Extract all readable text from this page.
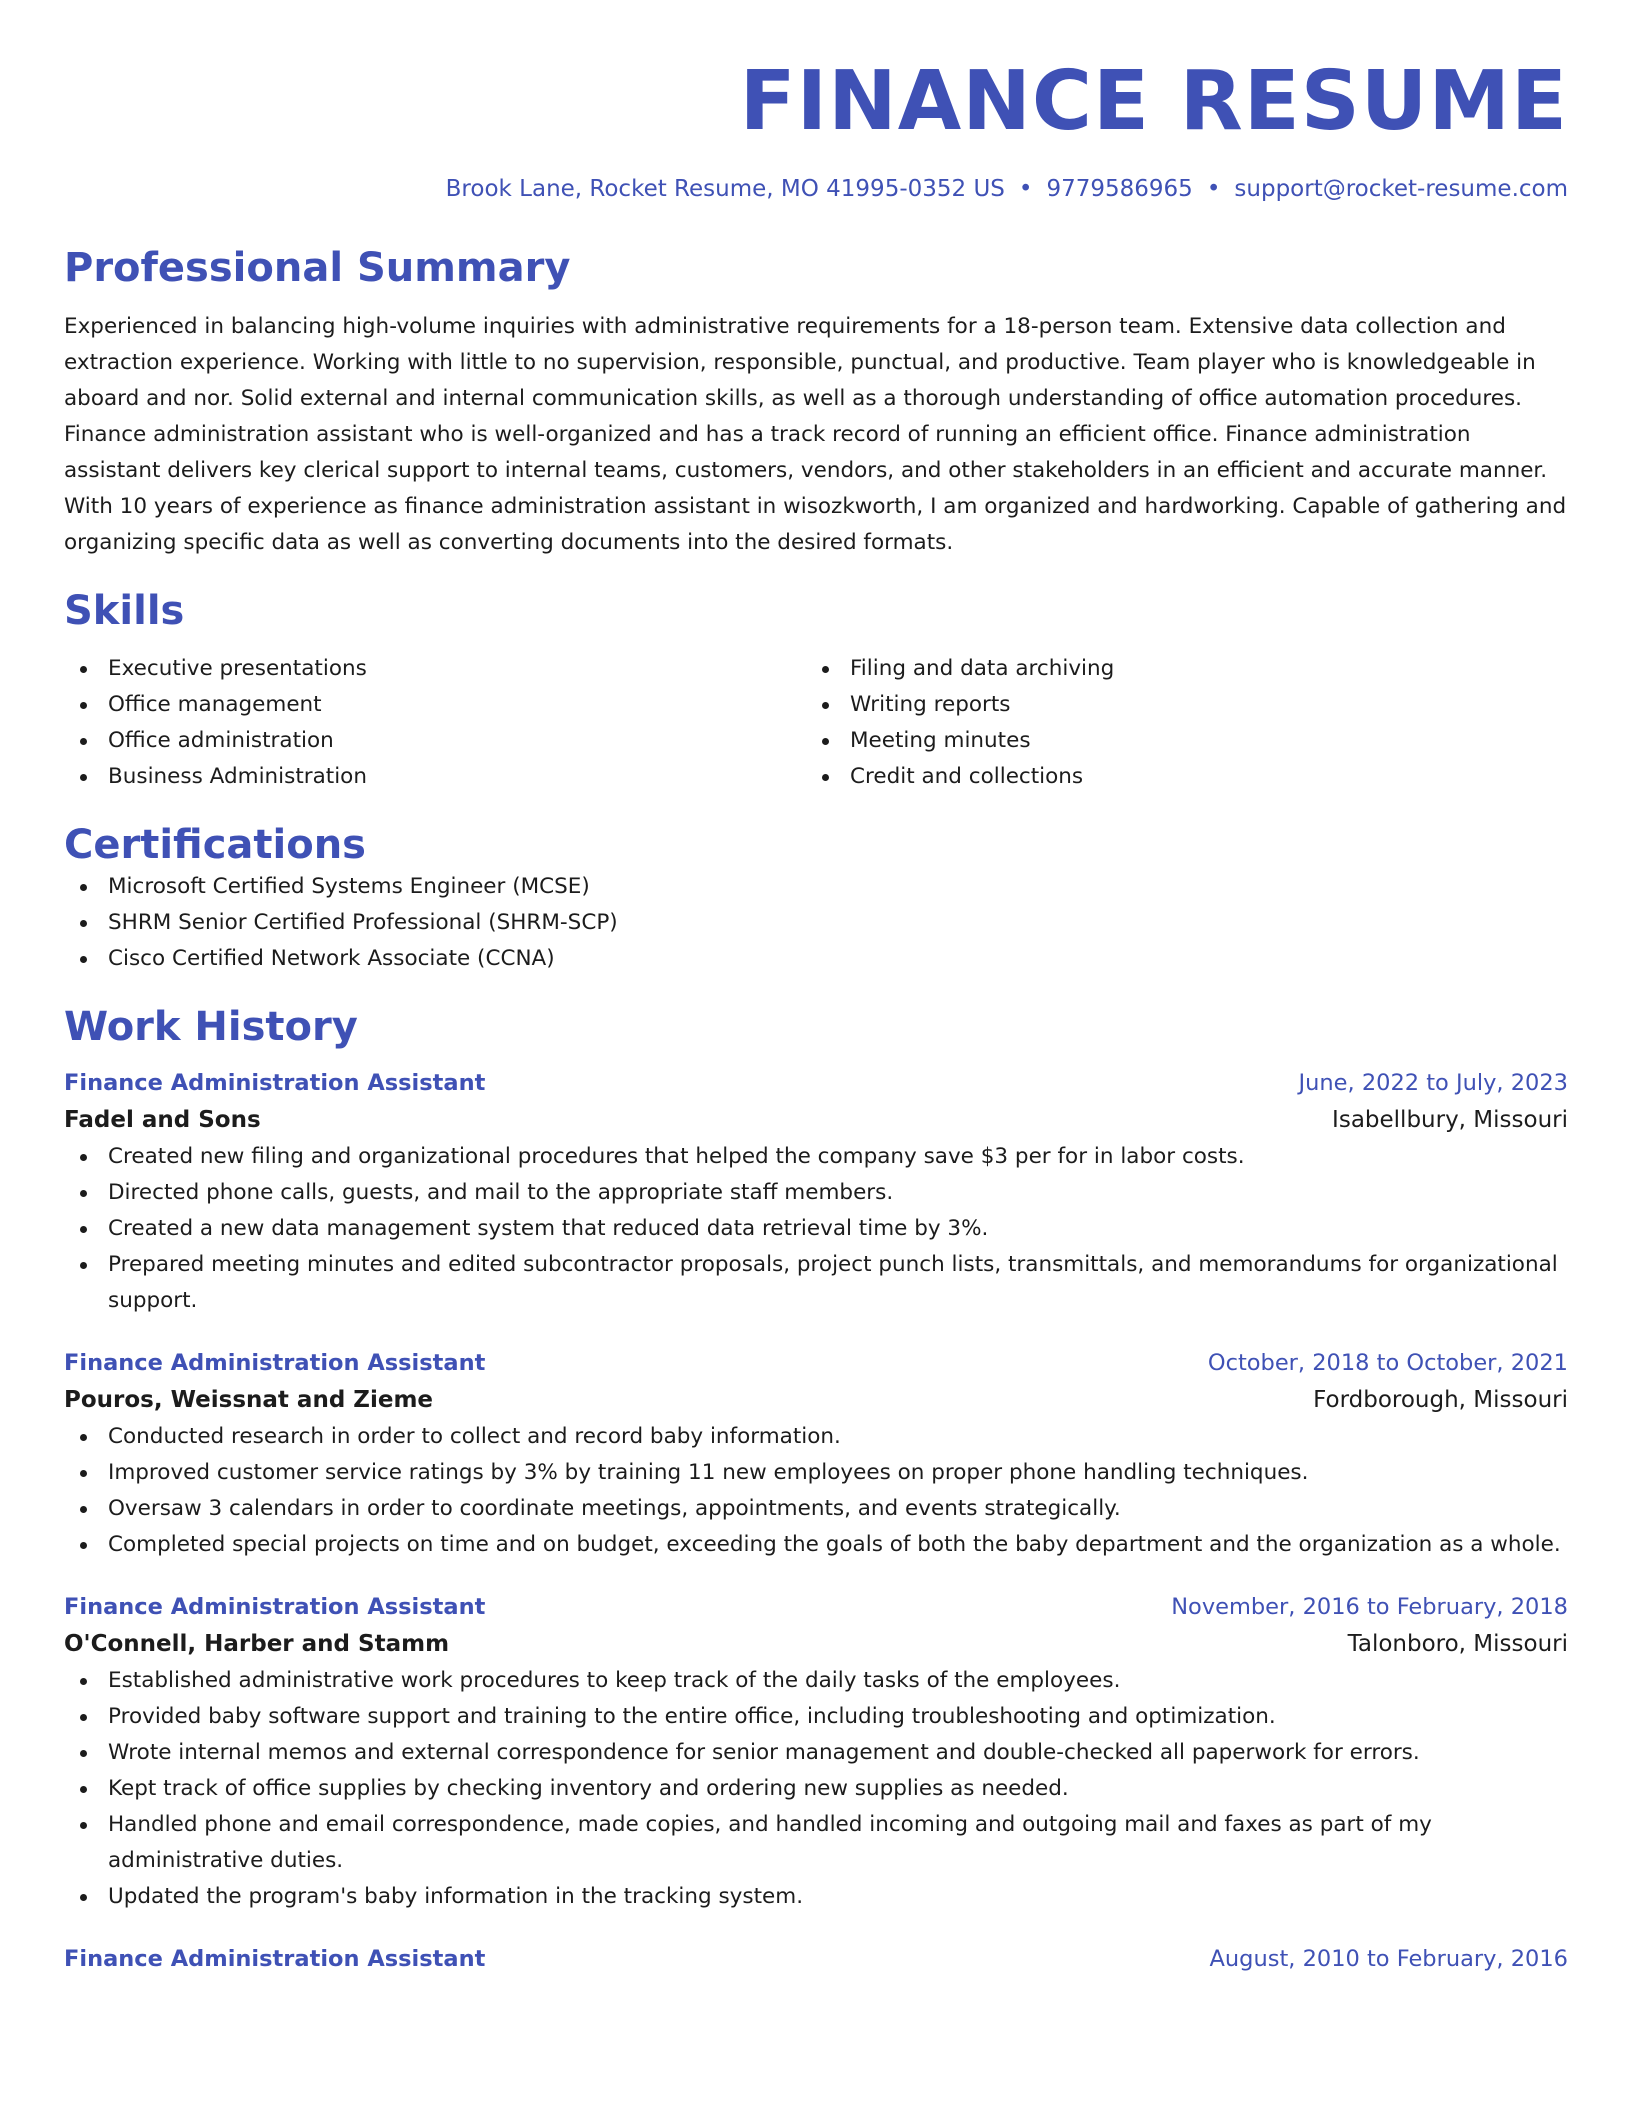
FINANCE RESUME
Brook Lane, Rocket Resume, MO 41995-0352 US • 9779586965 • support@rocket-resume.com
Professional Summary
Experienced in balancing high-volume inquiries with administrative requirements for a 18-person team. Extensive data collection and extraction experience. Working with little to no supervision, responsible, punctual, and productive. Team player who is knowledgeable in aboard and nor. Solid external and internal communication skills, as well as a thorough understanding of office automation procedures. Finance administration assistant who is well-organized and has a track record of running an efficient office. Finance administration assistant delivers key clerical support to internal teams, customers, vendors, and other stakeholders in an efficient and accurate manner. With 10 years of experience as finance administration assistant in wisozkworth, I am organized and hardworking. Capable of gathering and organizing specific data as well as converting documents into the desired formats.
Skills
Executive presentations
Office management
Office administration
Business Administration
Filing and data archiving
Writing reports
Meeting minutes
Credit and collections
Certifications
Microsoft Certified Systems Engineer (MCSE)
SHRM Senior Certified Professional (SHRM-SCP)
Cisco Certified Network Associate (CCNA)
Work History
Finance Administration Assistant	June, 2022 to July, 2023
Fadel and Sons	Isabellbury, Missouri
Created new filing and organizational procedures that helped the company save $3 per for in labor costs.
Directed phone calls, guests, and mail to the appropriate staff members.
Created a new data management system that reduced data retrieval time by 3%.
Prepared meeting minutes and edited subcontractor proposals, project punch lists, transmittals, and memorandums for organizational support.
Finance Administration Assistant	October, 2018 to October, 2021
Pouros, Weissnat and Zieme	Fordborough, Missouri
Conducted research in order to collect and record baby information.
Improved customer service ratings by 3% by training 11 new employees on proper phone handling techniques.
Oversaw 3 calendars in order to coordinate meetings, appointments, and events strategically.
Completed special projects on time and on budget, exceeding the goals of both the baby department and the organization as a whole.
Finance Administration Assistant	November, 2016 to February, 2018
O'Connell, Harber and Stamm	Talonboro, Missouri
Established administrative work procedures to keep track of the daily tasks of the employees.
Provided baby software support and training to the entire office, including troubleshooting and optimization.
Wrote internal memos and external correspondence for senior management and double-checked all paperwork for errors.
Kept track of office supplies by checking inventory and ordering new supplies as needed.
Handled phone and email correspondence, made copies, and handled incoming and outgoing mail and faxes as part of my administrative duties.
Updated the program's baby information in the tracking system.
Finance Administration Assistant	August, 2010 to February, 2016
